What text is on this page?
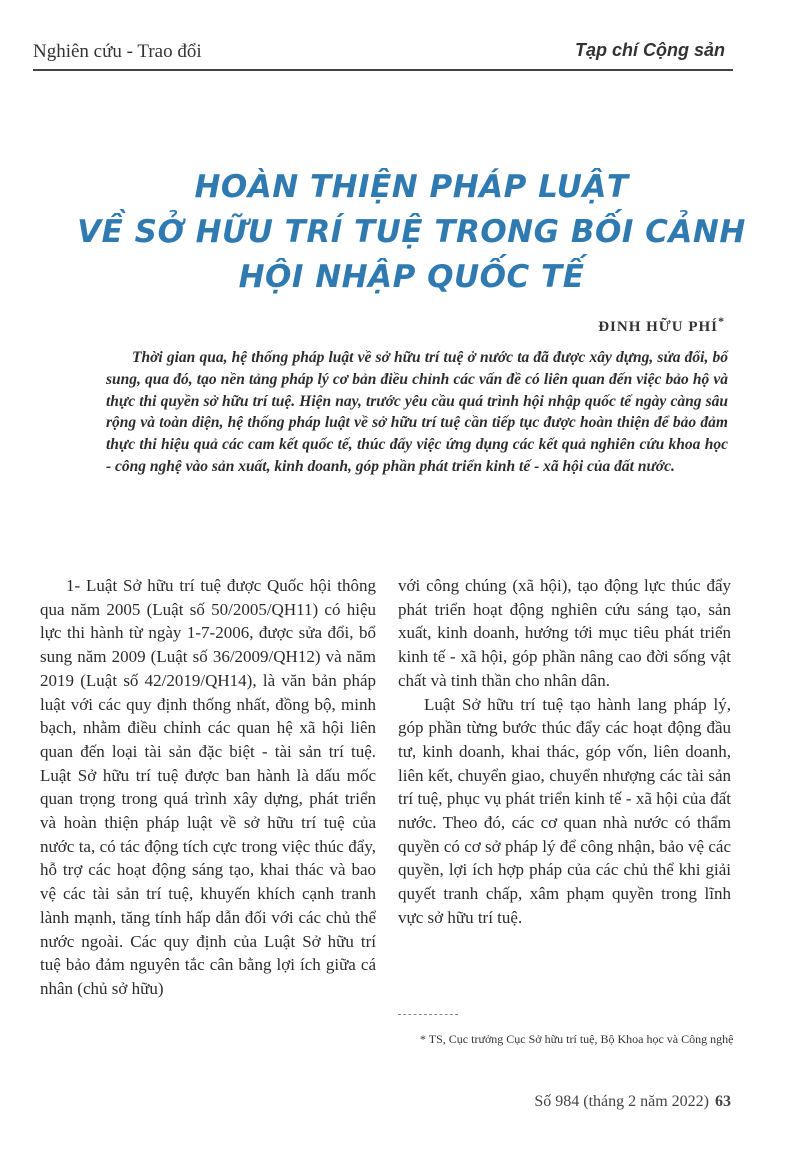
Nghiên cứu - Trao đổi	Tạp chí Cộng sản
HOÀN THIỆN PHÁP LUẬT
VỀ SỞ HỮU TRÍ TUỆ TRONG BỐI CẢNH
HỘI NHẬP QUỐC TẾ
ĐINH HỮU PHÍ*
Thời gian qua, hệ thống pháp luật về sở hữu trí tuệ ở nước ta đã được xây dựng, sửa đổi, bổ sung, qua đó, tạo nền tảng pháp lý cơ bản điều chỉnh các vấn đề có liên quan đến việc bảo hộ và thực thi quyền sở hữu trí tuệ. Hiện nay, trước yêu cầu quá trình hội nhập quốc tế ngày càng sâu rộng và toàn diện, hệ thống pháp luật về sở hữu trí tuệ cần tiếp tục được hoàn thiện để bảo đảm thực thi hiệu quả các cam kết quốc tế, thúc đẩy việc ứng dụng các kết quả nghiên cứu khoa học - công nghệ vào sản xuất, kinh doanh, góp phần phát triển kinh tế - xã hội của đất nước.

1- Luật Sở hữu trí tuệ được Quốc hội thông qua năm 2005 (Luật số 50/2005/QH11) có hiệu lực thi hành từ ngày 1-7-2006, được sửa đổi, bổ sung năm 2009 (Luật số 36/2009/QH12) và năm 2019 (Luật số 42/2019/QH14), là văn bản pháp luật với các quy định thống nhất, đồng bộ, minh bạch, nhằm điều chỉnh các quan hệ xã hội liên quan đến loại tài sản đặc biệt - tài sản trí tuệ. Luật Sở hữu trí tuệ được ban hành là dấu mốc quan trọng trong quá trình xây dựng, phát triển và hoàn thiện pháp luật về sở hữu trí tuệ của nước ta, có tác động tích cực trong việc thúc đẩy, hỗ trợ các hoạt động sáng tạo, khai thác và bao vệ các tài sản trí tuệ, khuyến khích cạnh tranh lành mạnh, tăng tính hấp dẫn đối với các chủ thể nước ngoài. Các quy định của Luật Sở hữu trí tuệ bảo đảm nguyên tắc cân bằng lợi ích giữa cá nhân (chủ sở hữu)

với công chúng (xã hội), tạo động lực thúc đẩy phát triển hoạt động nghiên cứu sáng tạo, sản xuất, kinh doanh, hướng tới mục tiêu phát triển kinh tế - xã hội, góp phần nâng cao đời sống vật chất và tinh thần cho nhân dân.

Luật Sở hữu trí tuệ tạo hành lang pháp lý, góp phần từng bước thúc đẩy các hoạt động đầu tư, kinh doanh, khai thác, góp vốn, liên doanh, liên kết, chuyển giao, chuyển nhượng các tài sản trí tuệ, phục vụ phát triển kinh tế - xã hội của đất nước. Theo đó, các cơ quan nhà nước có thẩm quyền có cơ sở pháp lý để công nhận, bảo vệ các quyền, lợi ích hợp pháp của các chủ thể khi giải quyết tranh chấp, xâm phạm quyền trong lĩnh vực sở hữu trí tuệ.

* TS, Cục trưởng Cục Sở hữu trí tuệ, Bộ Khoa học và Công nghệ
Số 984 (tháng 2 năm 2022) 63
